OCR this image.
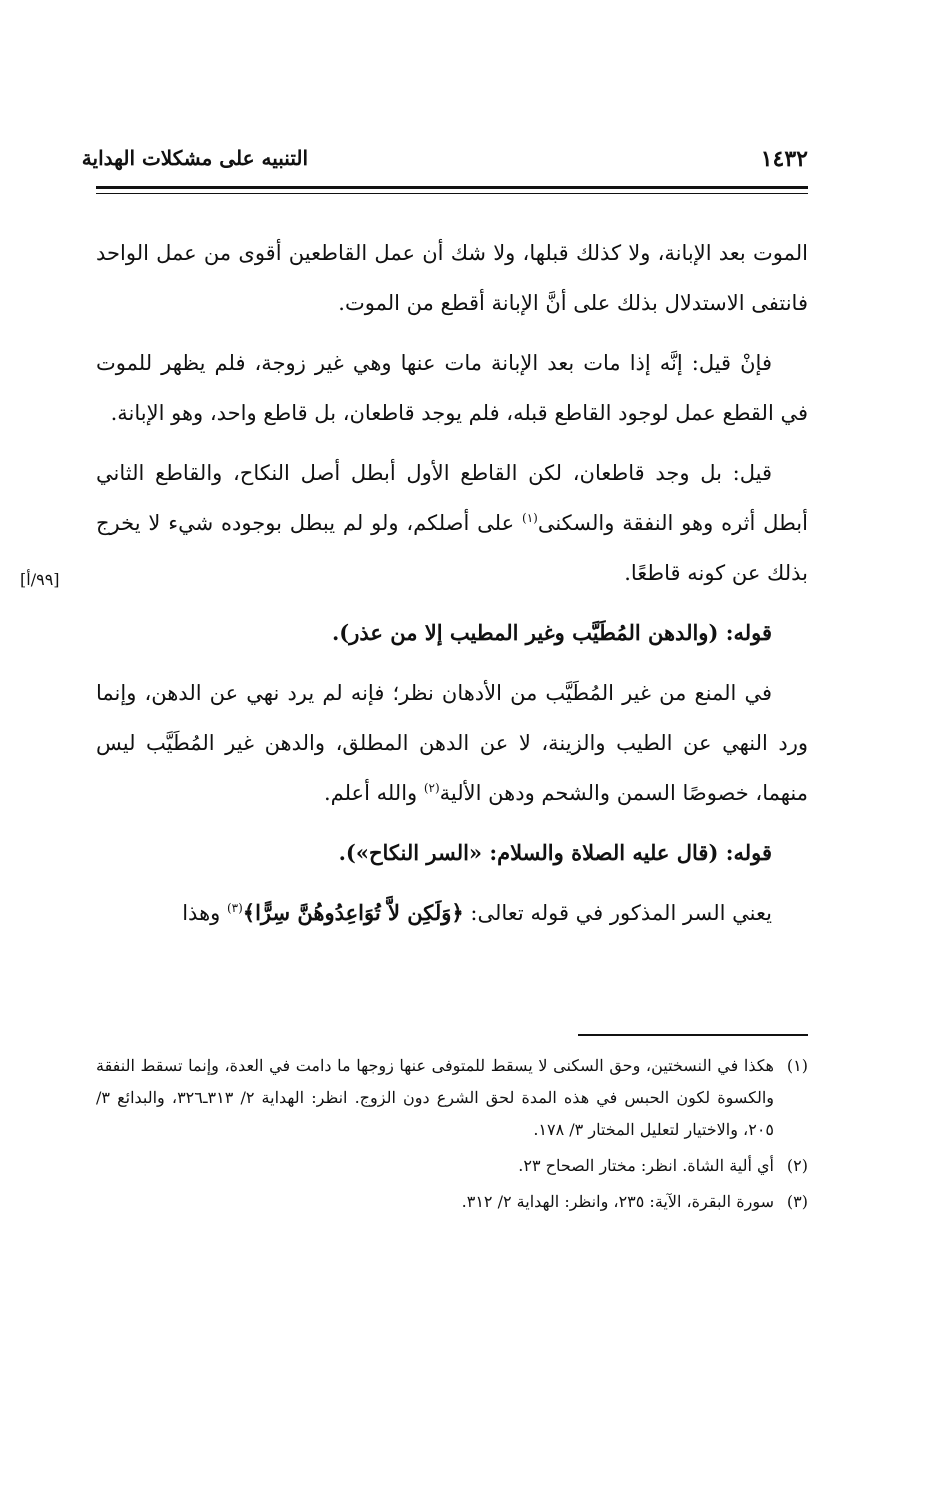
١٤٣٢
التنبيه على مشكلات الهداية
[٩٩/أ]

الموت بعد الإبانة، ولا كذلك قبلها، ولا شك أن عمل القاطعين أقوى من عمل الواحد فانتفى الاستدلال بذلك على أنَّ الإبانة أقطع من الموت.

فإنْ قيل: إنَّه إذا مات بعد الإبانة مات عنها وهي غير زوجة، فلم يظهر للموت في القطع عمل لوجود القاطع قبله، فلم يوجد قاطعان، بل قاطع واحد، وهو الإبانة.

قيل: بل وجد قاطعان، لكن القاطع الأول أبطل أصل النكاح، والقاطع الثاني أبطل أثره وهو النفقة والسكنى$^{(١)}$ على أصلكم، ولو لم يبطل بوجوده شيء لا يخرج بذلك عن كونه قاطعًا.

قوله: (والدهن المُطَيَّب وغير المطيب إلا من عذر).

في المنع من غير المُطَيَّب من الأدهان نظر؛ فإنه لم يرد نهي عن الدهن، وإنما ورد النهي عن الطيب والزينة، لا عن الدهن المطلق، والدهن غير المُطَيَّب ليس منهما، خصوصًا السمن والشحم ودهن الألية$^{(٢)}$ والله أعلم.

قوله: (قال عليه الصلاة والسلام: «السر النكاح»).

يعني السر المذكور في قوله تعالى: ﴿وَلَكِن لاَّ تُوَاعِدُوهُنَّ سِرًّا﴾$^{(٣)}$ وهذا

(١)
هكذا في النسختين، وحق السكنى لا يسقط للمتوفى عنها زوجها ما دامت في العدة، وإنما تسقط النفقة والكسوة لكون الحبس في هذه المدة لحق الشرع دون الزوج. انظر: الهداية ٢/ ٣١٣ـ٣٢٦، والبدائع ٣/ ٢٠٥، والاختيار لتعليل المختار ٣/ ١٧٨.

(٢)
أي ألية الشاة. انظر: مختار الصحاح ٢٣.

(٣)
سورة البقرة، الآية: ٢٣٥، وانظر: الهداية ٢/ ٣١٢.
